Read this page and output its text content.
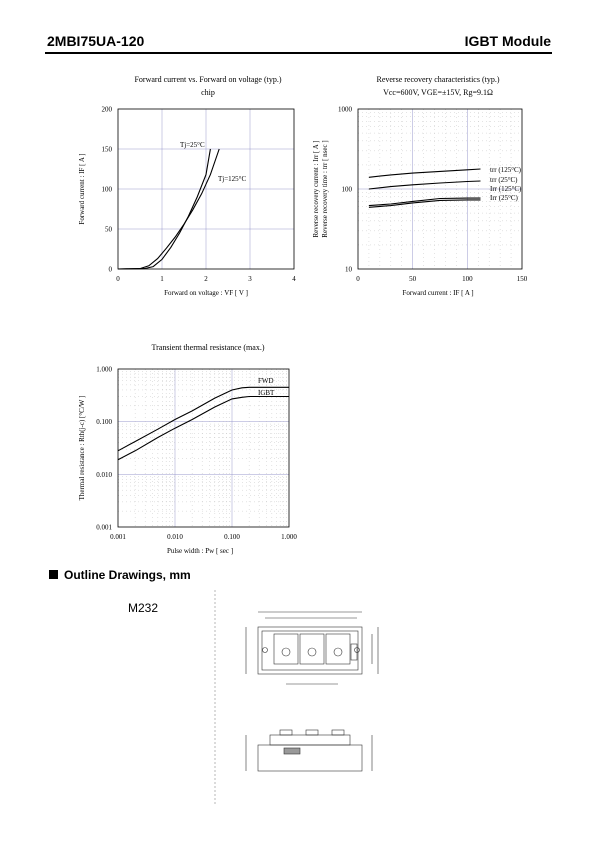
2MBI75UA-120	IGBT Module
Forward current vs. Forward on voltage (typ.)
chip
Reverse recovery characteristics (typ.)
Vcc=600V, VGE=±15V, Rg=9.1Ω
Transient thermal resistance (max.)
0	1	2	3	4
0
50
100
150
200
Forward on voltage : VF [ V ]
Forward current : IF [ A ]
Tj=25°C
Tj=125°C
0	50	100	150
10
100
1000
Forward current : IF [ A ]
Reverse recovery current : Irr [ A ] Reverse recovery time : trr [ nsec ]	trr (125°C)
trr (25°C)
Irr (125°C)
Irr (25°C)
0.001	0.010	0.100	1.000
0.001
0.010
0.100
1.000
Pulse width : Pw [ sec ]
Thermal resistance : Rth(j-c) [°C/W ]
FWD
IGBT
Outline Drawings, mm
M232
